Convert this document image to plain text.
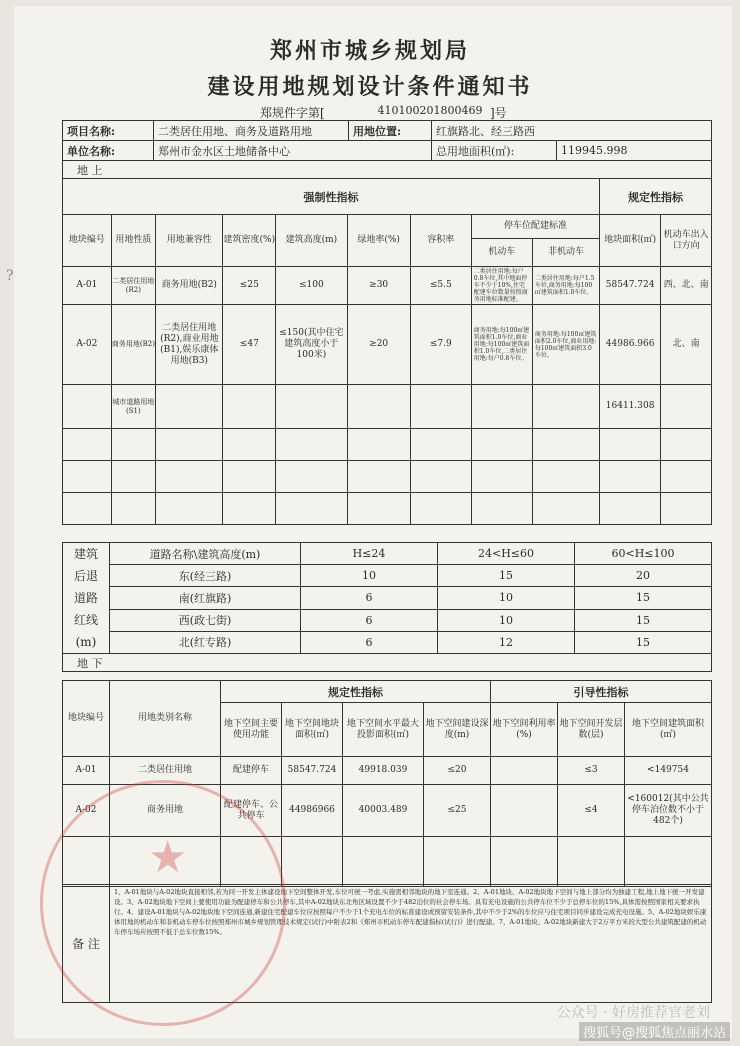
?
郑州市城乡规划局
建设用地规划设计条件通知书
郑规件字第[	410100201800469 ]号
项目名称:	二类居住用地、商务及道路用地	用地位置:	红旗路北、经三路西	
单位名称:	郑州市金水区土地储备中心		总用地面积(㎡):	119945.998
地 上				
强制性指标									规定性指标	
地块编号	用地性质	用地兼容性	建筑密度(%)	建筑高度(m)	绿地率(%)	容积率	停车位配建标准		地块面积(㎡)	机动车出入口方向
							机动车	非机动车		
A-01	二类居住用地(R2)	商务用地(B2)	≤25	≤100	≥30	≤5.5	二类居住用地:每户0.8车位,其中地面停车不少于10%,住宅配建车位数量按照商务用地标准配建。	二类居住用地:每户1.5车位,商务用地:每100㎡建筑面积1.0车位。	58547.724	西、北、南
A-02	商务用地(B2)	二类居住用地(R2),商业用地(B1),娱乐康体用地(B3)	≤47	≤150(其中住宅建筑高度小于100米)	≥20	≤7.9	商务用地:每100㎡建筑面积1.0车位,商业用地:每100㎡建筑面积1.0车位,二类居住用地:每户0.8车位。	商务用地:每100㎡建筑面积2.0车位,商业用地:每100㎡建筑面积3.0车位。	44986.966	北、南
	城市道路用地(S1)								16411.308	

建筑后退道路红线(m)	道路名称\建筑高度(m)	H≤24	24<H≤60	60<H≤100
	东(经三路)	10	15	20
	南(红旗路)	6	10	15
	西(政七街)	6	10	15
	北(红专路)	6	12	15
地 下				
地块编号	用地类别名称	规定性指标				引导性指标		
		地下空间主要使用功能	地下空间地块面积(㎡)	地下空间水平最大投影面积(㎡)	地下空间建设深度(m)	地下空间利用率(%)	地下空间开发层数(层)	地下空间建筑面积(㎡)
A-01	二类居住用地	配建停车	58547.724	49918.039	≤20		≤3	<149754
A-02	商务用地	配建停车、公共停车	44986966	40003.489	≤25		≤4	<160012(其中公共停车泊位数不小于482个)

备 注	1、A-01地块与A-02地块直接相邻,若为同一开发主体建设地下空间整体开发,车位可统一考虑,实施需相邻地块的地下室连通。2、A-01地块、A-02地块地下空间与地上部分均为独建工程,地上地下统一开发建设。3、A-02地块地下空间上要使用功能为配建停车和公共停车,其中A-02地块东北角区域设置不少于482泊位的社会停车场。具有充电设施的公共停车位不少于总停车位的15%,具体需按照国家相关要求执行。4、建设A-01地块与A-02地块地下空间连通,新建住宅配建车位应按照每户不少于1个充电车位的标准建设或预留安装条件,其中不少于2%的车位应与住宅项目同步建设完成充电设施。5、A-02地块娱乐康体用地的机动车和非机动车停车位按照郑州市城乡规划管理技术规定(试行)中附表2和《郑州市机动车停车配建指标(试行)》进行配建。7、A-01地块、A-02地块新建大于2万平方米的大型公共建筑配建的机动车停车场应按照不低于总车位数15%。
★
公众号 · 好房推荐官老刘
搜狐号@搜狐焦点丽水站
